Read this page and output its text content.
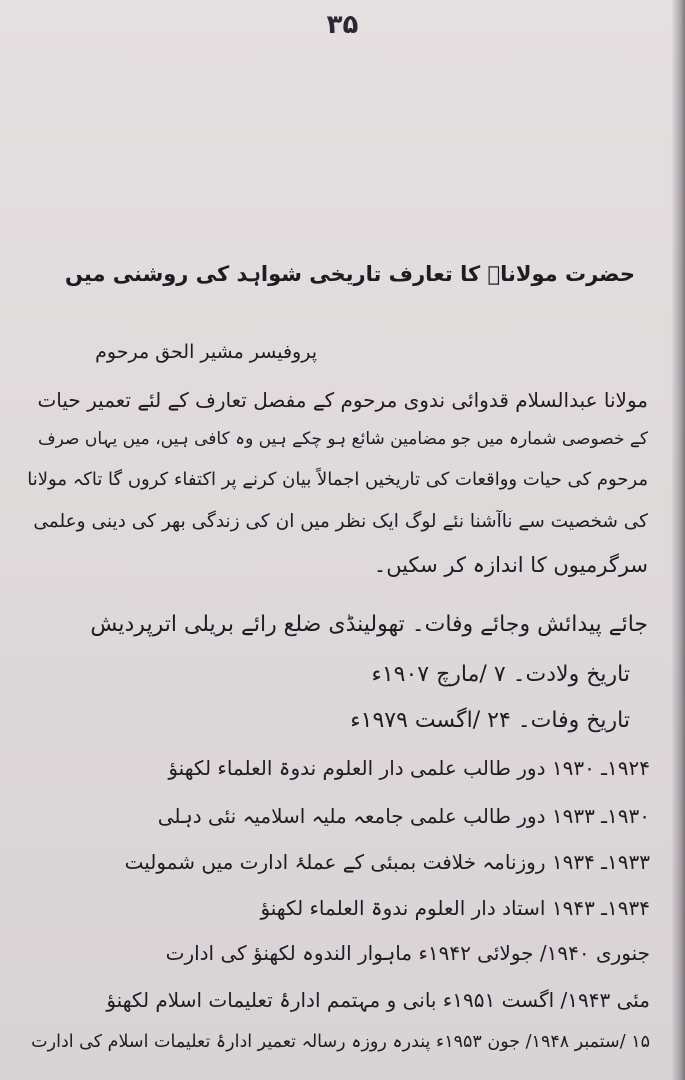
۳۵
حضرت مولاناؒ کا تعارف تاریخی شواہد کی روشنی میں
پروفیسر مشیر الحق مرحوم
مولانا عبدالسلام قدوائی ندوی مرحوم کے مفصل تعارف کے لئے تعمیر حیات
کے خصوصی شمارہ میں جو مضامین شائع ہو چکے ہیں وہ کافی ہیں، میں یہاں صرف
مرحوم کی حیات وواقعات کی تاریخیں اجمالاً بیان کرنے پر اکتفاء کروں گا تاکہ مولانا
کی شخصیت سے ناآشنا نئے لوگ ایک نظر میں ان کی زندگی بھر کی دینی وعلمی
سرگرمیوں کا اندازہ کر سکیں۔
جائے پیدائش وجائے وفات۔ تھولینڈی ضلع رائے بریلی اترپردیش
تاریخ ولادت۔ ۷ /مارچ ۱۹۰۷ء
تاریخ وفات۔ ۲۴ /اگست ۱۹۷۹ء
۱۹۲۴ـ ۱۹۳۰ دور طالب علمی دار العلوم ندوۃ العلماء لکھنؤ
۱۹۳۰ـ ۱۹۳۳ دور طالب علمی جامعہ ملیہ اسلامیہ نئی دہلی
۱۹۳۳ـ ۱۹۳۴ روزنامہ خلافت بمبئی کے عملۂ ادارت میں شمولیت
۱۹۳۴ـ ۱۹۴۳ استاد دار العلوم ندوۃ العلماء لکھنؤ
جنوری ۱۹۴۰/ جولائی ۱۹۴۲ء ماہوار الندوہ لکھنؤ کی ادارت
مئی ۱۹۴۳/ اگست ۱۹۵۱ء بانی و مہتمم ادارۂ تعلیمات اسلام لکھنؤ
۱۵ /ستمبر ۱۹۴۸/ جون ۱۹۵۳ء پندرہ روزہ رسالہ تعمیر ادارۂ تعلیمات اسلام کی ادارت
